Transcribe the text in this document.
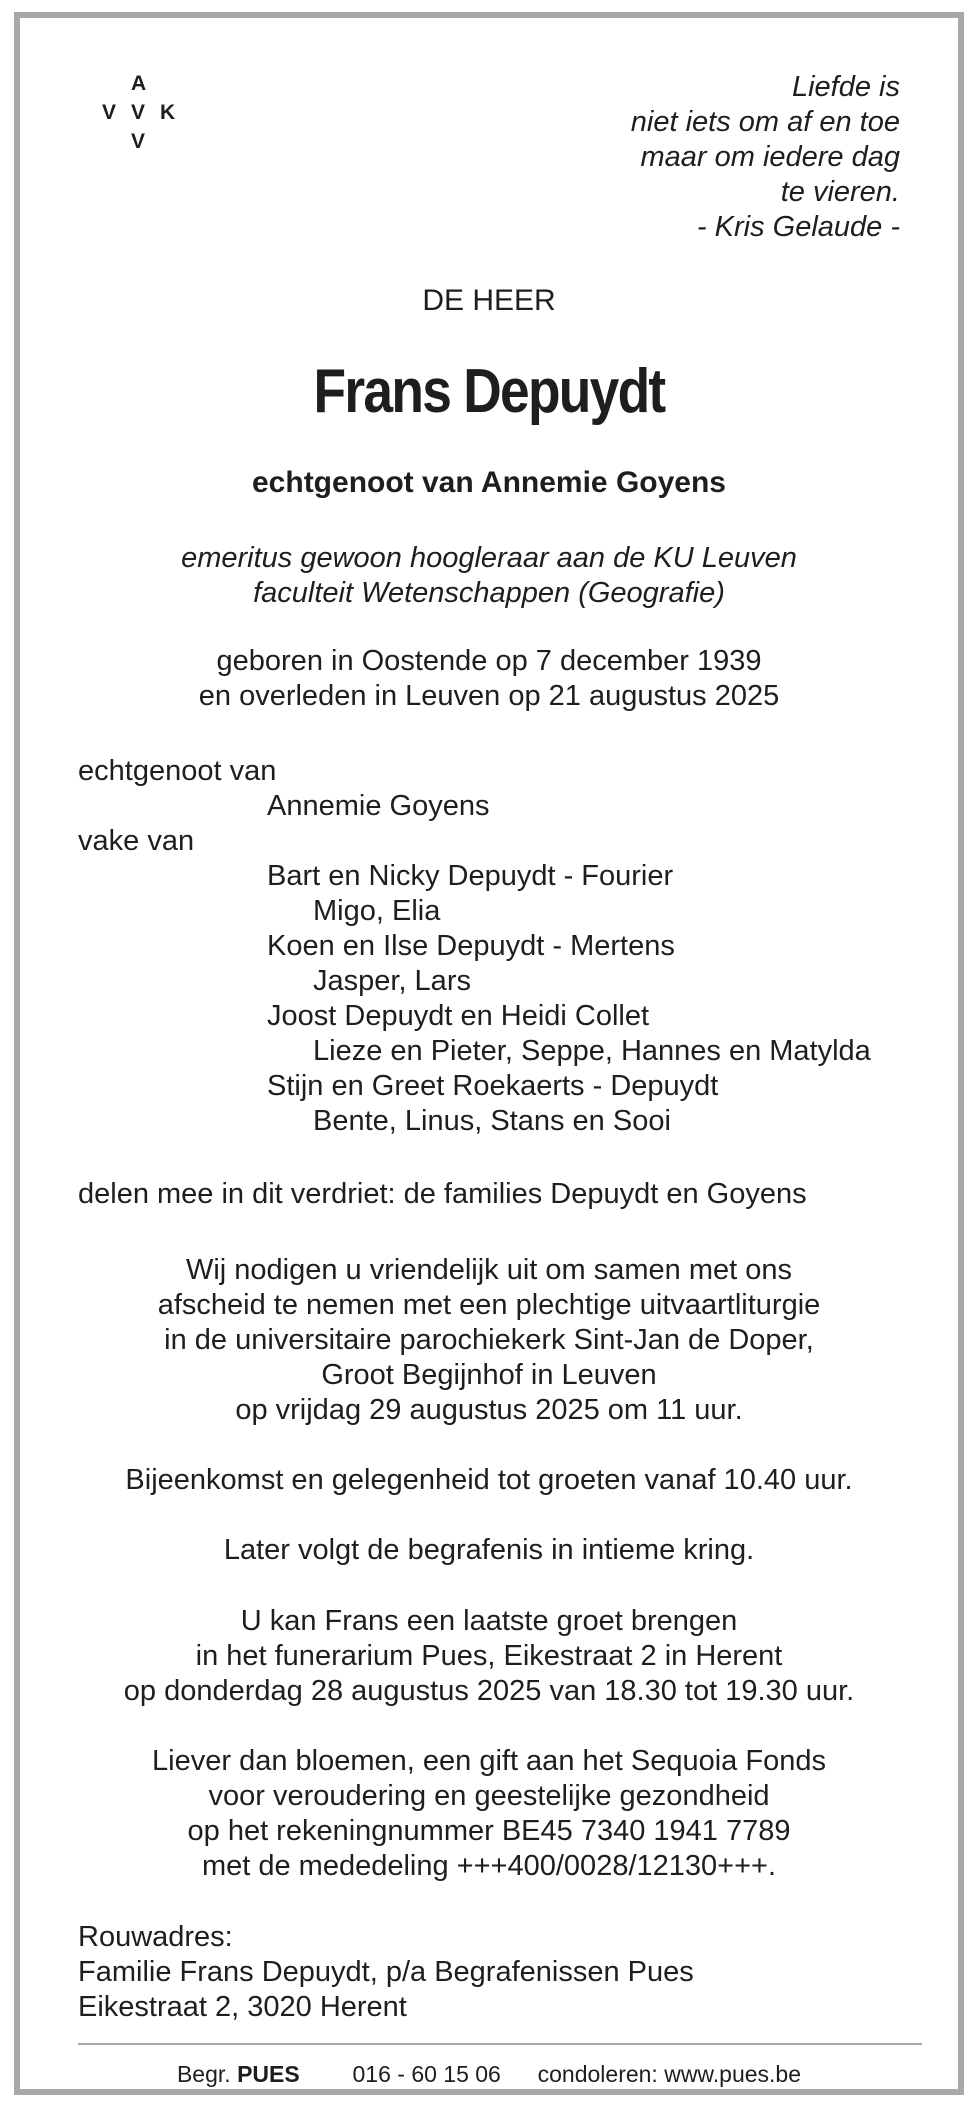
A
V V K
V
Liefde is
niet iets om af en toe
maar om iedere dag
te vieren.
- Kris Gelaude -
DE HEER
Frans Depuydt
echtgenoot van Annemie Goyens
emeritus gewoon hoogleraar aan de KU Leuven
faculteit Wetenschappen (Geografie)
geboren in Oostende op 7 december 1939
en overleden in Leuven op 21 augustus 2025
echtgenoot van
Annemie Goyens
vake van
Bart en Nicky Depuydt - Fourier
Migo, Elia
Koen en Ilse Depuydt - Mertens
Jasper, Lars
Joost Depuydt en Heidi Collet
Lieze en Pieter, Seppe, Hannes en Matylda
Stijn en Greet Roekaerts - Depuydt
Bente, Linus, Stans en Sooi
delen mee in dit verdriet: de families Depuydt en Goyens
Wij nodigen u vriendelijk uit om samen met ons
afscheid te nemen met een plechtige uitvaartliturgie
in de universitaire parochiekerk Sint-Jan de Doper,
Groot Begijnhof in Leuven
op vrijdag 29 augustus 2025 om 11 uur.
Bijeenkomst en gelegenheid tot groeten vanaf 10.40 uur.
Later volgt de begrafenis in intieme kring.
U kan Frans een laatste groet brengen
in het funerarium Pues, Eikestraat 2 in Herent
op donderdag 28 augustus 2025 van 18.30 tot 19.30 uur.
Liever dan bloemen, een gift aan het Sequoia Fonds
voor veroudering en geestelijke gezondheid
op het rekeningnummer BE45 7340 1941 7789
met de mededeling +++400/0028/12130+++.
Rouwadres:
Familie Frans Depuydt, p/a Begrafenissen Pues
Eikestraat 2, 3020 Herent
Begr. PUES 016 - 60 15 06 condoleren: www.pues.be
